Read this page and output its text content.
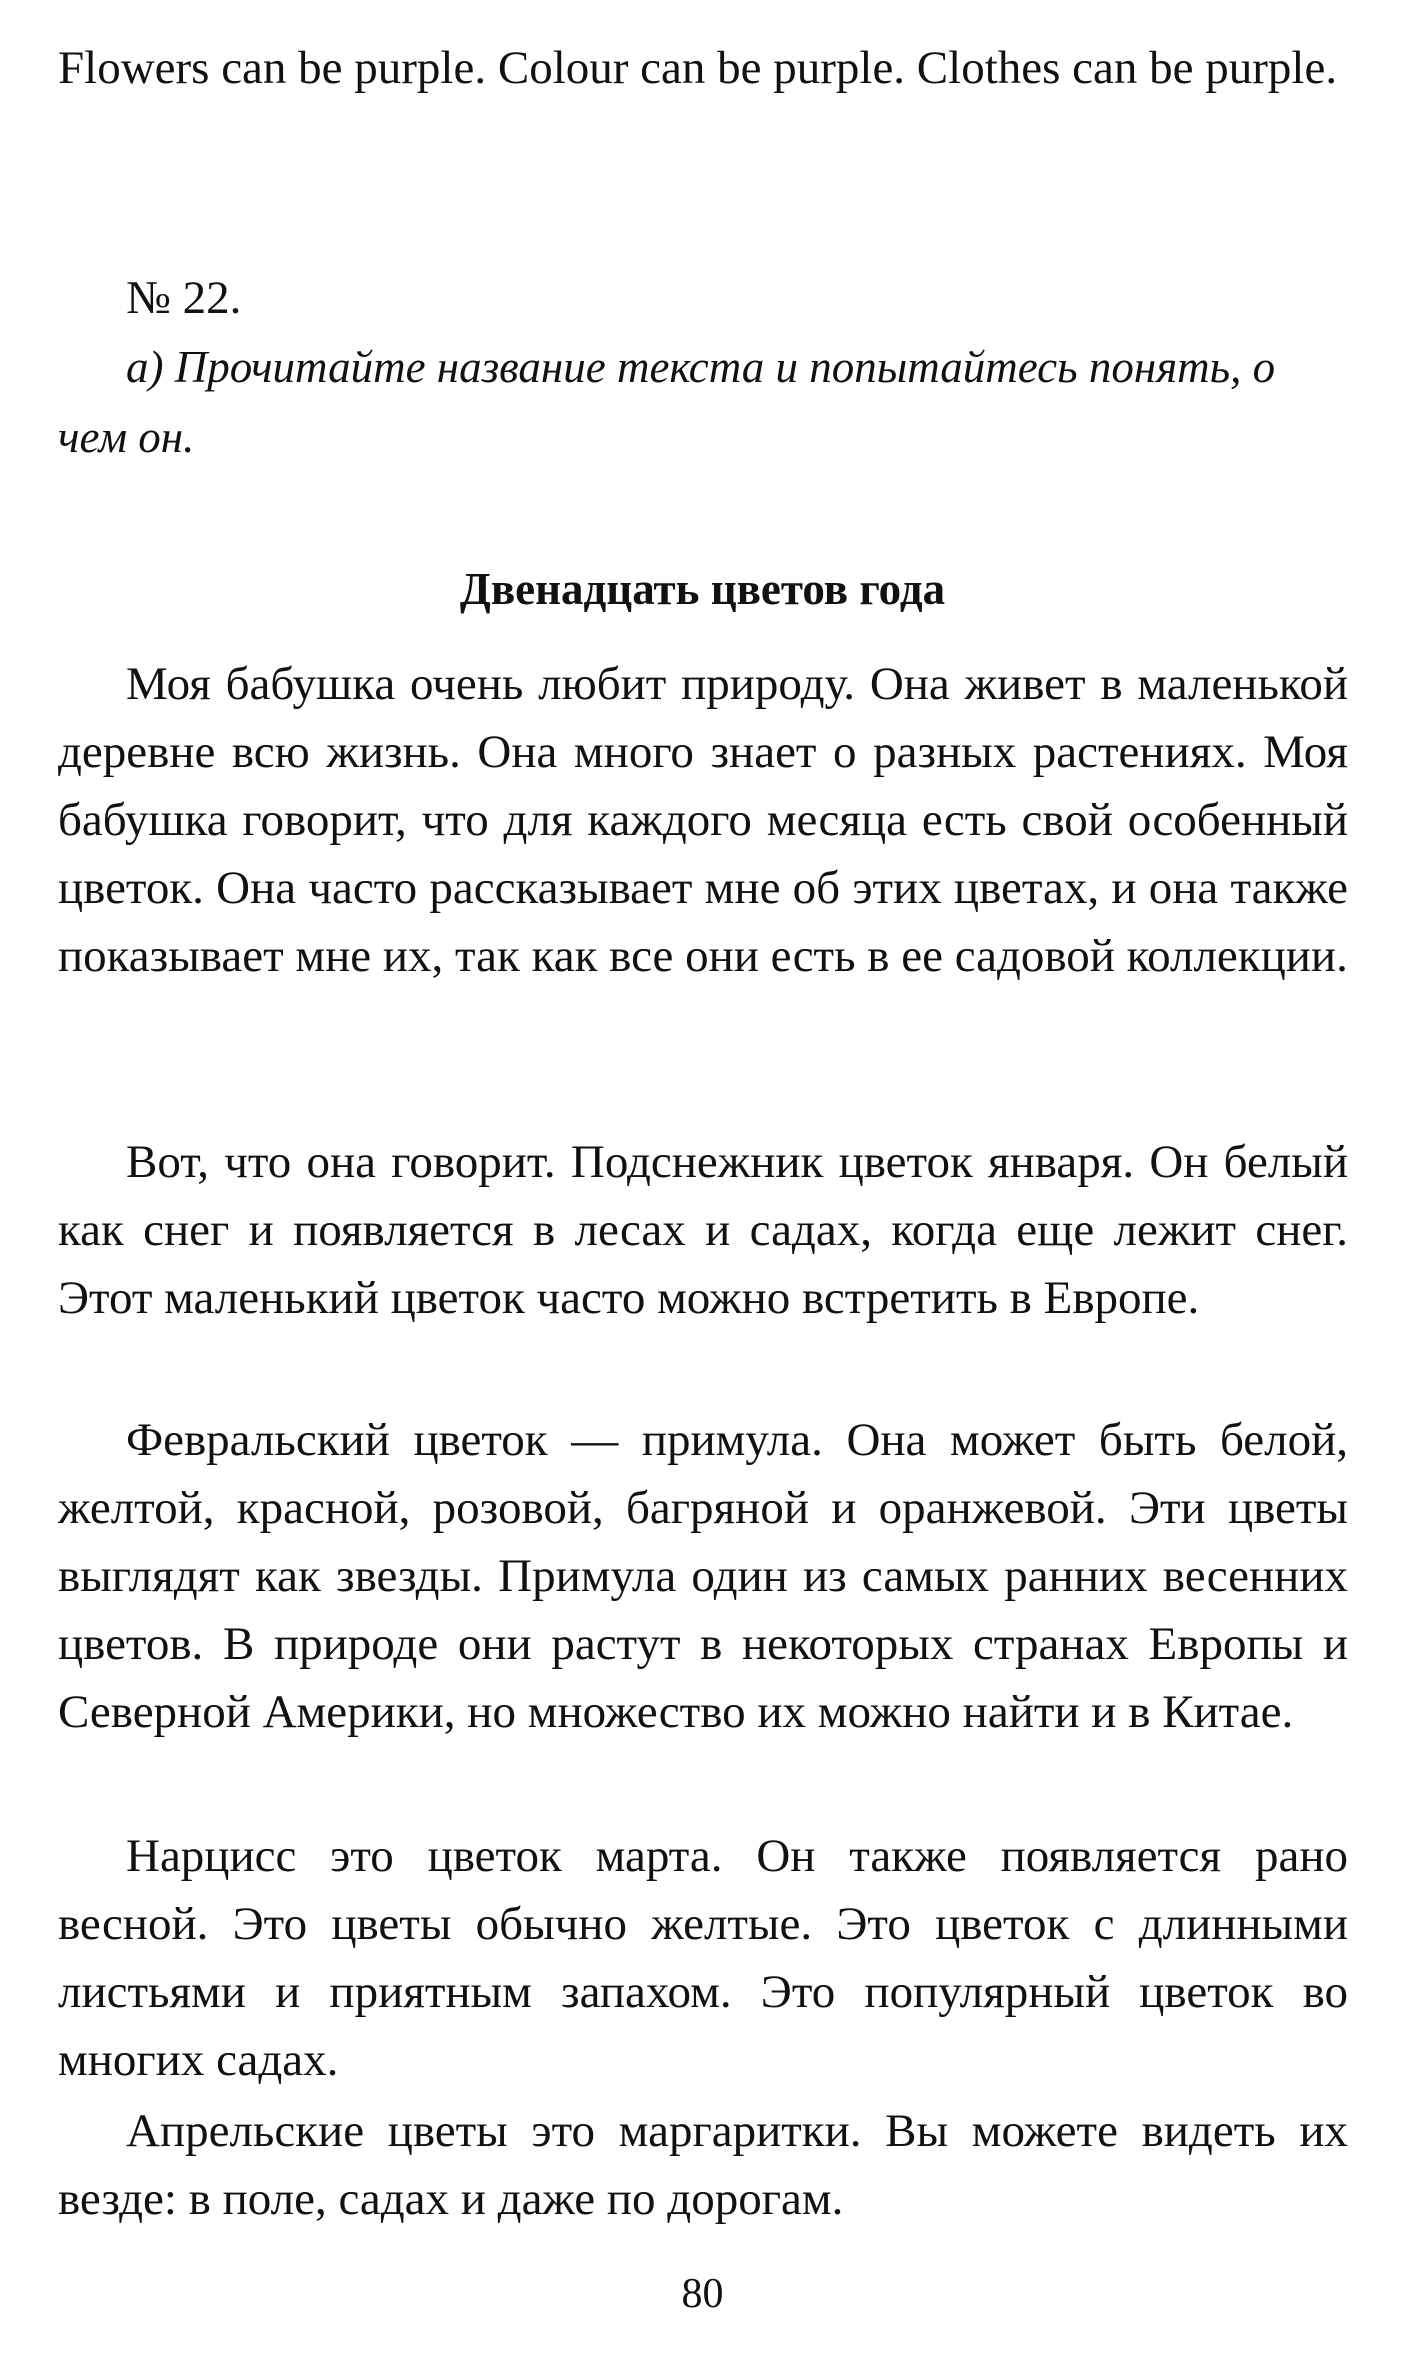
Flowers can be purple. Colour can be purple. Clothes can be purple.

№ 22.

а) Прочитайте название текста и попытайтесь понять, о чем он.

Двенадцать цветов года

Моя бабушка очень любит природу. Она живет в маленькой деревне всю жизнь. Она много знает о разных растениях. Моя бабушка говорит, что для каждого месяца есть свой особенный цветок. Она часто рассказывает мне об этих цветах, и она также показывает мне их, так как все они есть в ее садовой коллекции.

Вот, что она говорит. Подснежник цветок января. Он белый как снег и появляется в лесах и садах, когда еще лежит снег. Этот маленький цветок часто можно встретить в Европе.

Февральский цветок — примула. Она может быть белой, желтой, красной, розовой, багряной и оранжевой. Эти цветы выглядят как звезды. Примула один из самых ранних весенних цветов. В природе они растут в некоторых странах Европы и Северной Америки, но множество их можно найти и в Китае.

Нарцисс это цветок марта. Он также появляется рано весной. Это цветы обычно желтые. Это цветок с длинными листьями и приятным запахом. Это популярный цветок во многих садах.

Апрельские цветы это маргаритки. Вы можете видеть их везде: в поле, садах и даже по дорогам.

80
